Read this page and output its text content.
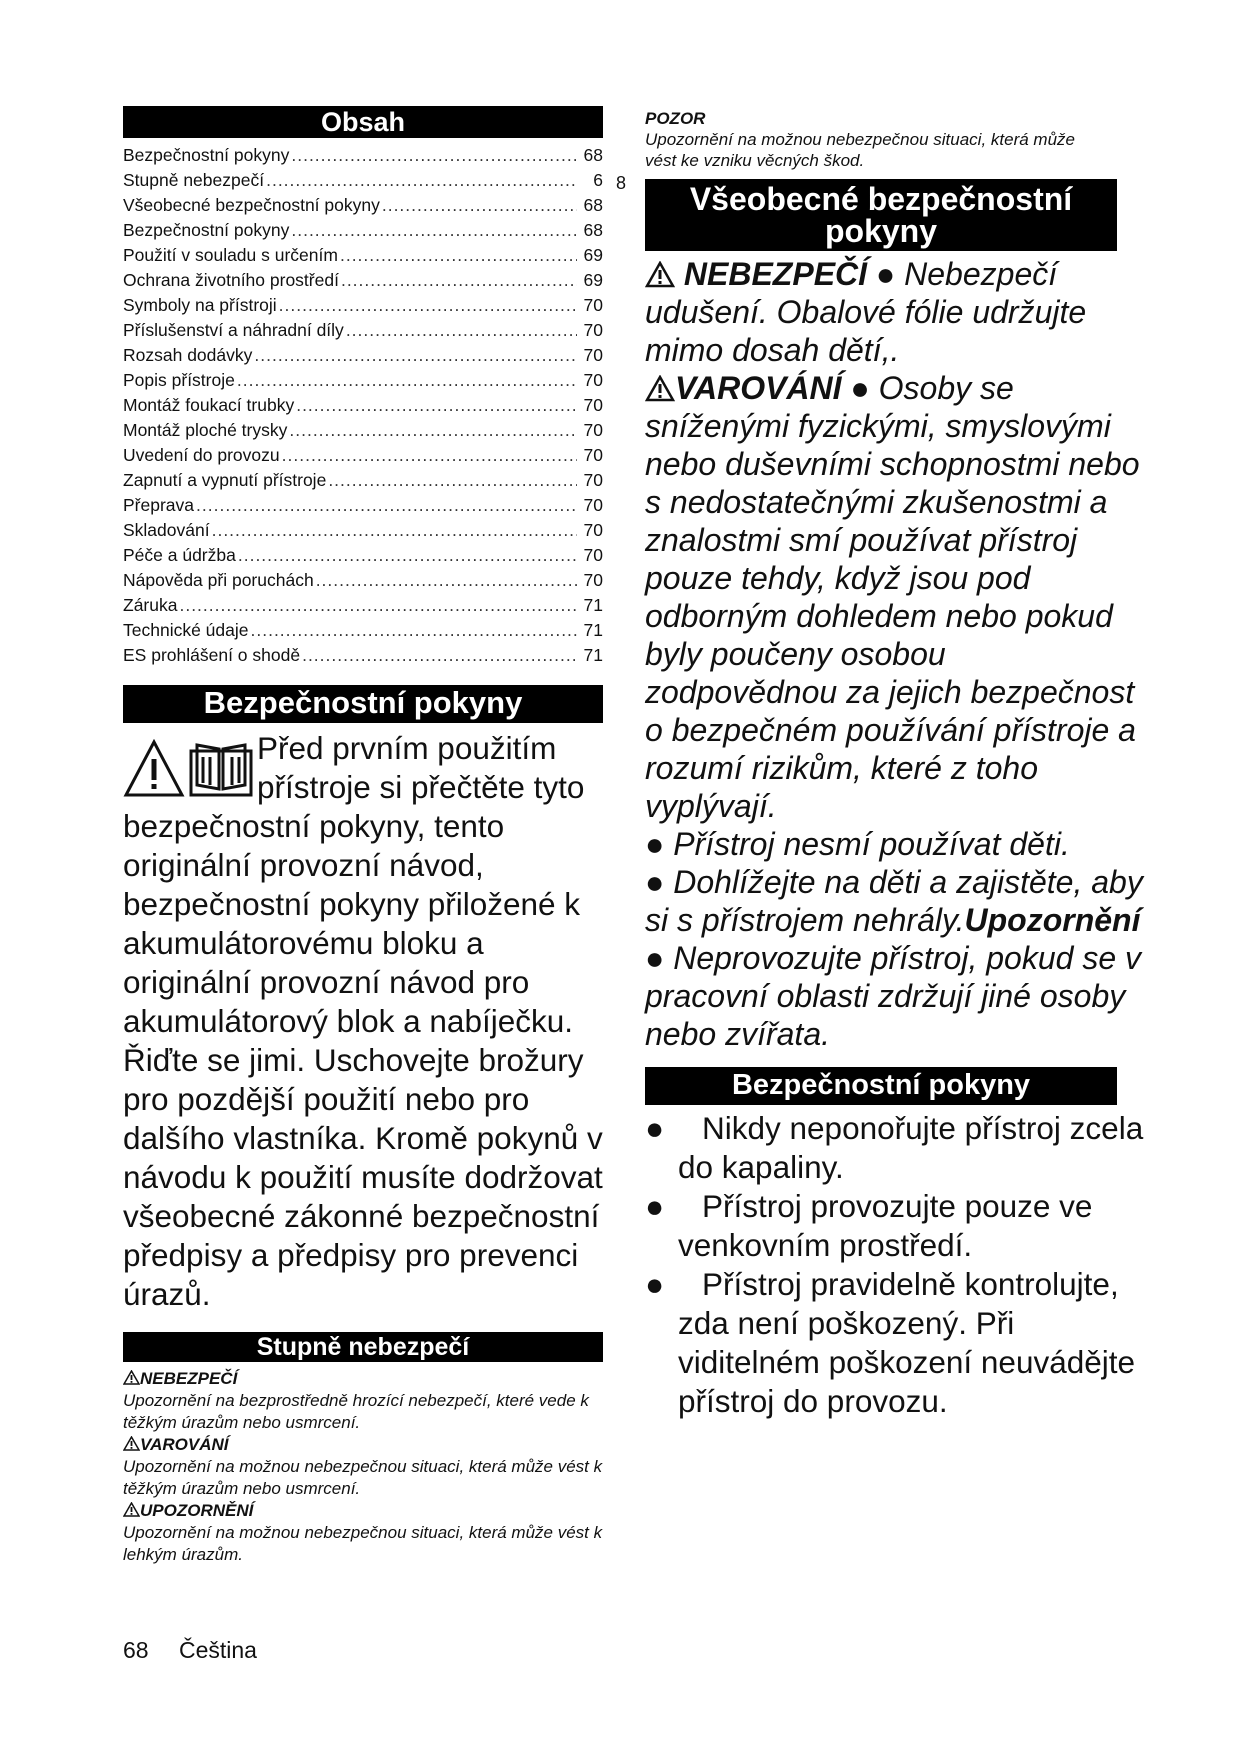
Obsah
Bezpečnostní pokyny .....	68
Stupně nebezpečí .....	6
Všeobecné bezpečnostní pokyny .....	68
Bezpečnostní pokyny .....	68
Použití v souladu s určením .....	69
Ochrana životního prostředí .....	69
Symboly na přístroji .....	70
Příslušenství a náhradní díly .....	70
Rozsah dodávky .....	70
Popis přístroje .....	70
Montáž foukací trubky .....	70
Montáž ploché trysky .....	70
Uvedení do provozu .....	70
Zapnutí a vypnutí přístroje .....	70
Přeprava .....	70
Skladování .....	70
Péče a údržba .....	70
Nápověda při poruchách .....	70
Záruka .....	71
Technické údaje .....	71
ES prohlášení o shodě .....	71
Bezpečnostní pokyny

Před prvním použitím přístroje si přečtěte tyto bezpečnostní pokyny, tento originální provozní návod, bezpečnostní pokyny přiložené k akumulátorovému bloku a originální provozní návod pro akumulátorový blok a nabíječku. Řiďte se jimi. Uschovejte brožury pro pozdější použití nebo pro dalšího vlastníka. Kromě pokynů v návodu k použití musíte dodržovat všeobecné zákonné bezpečnostní předpisy a předpisy pro prevenci úrazů.

Stupně nebezpečí
NEBEZPEČÍ
Upozornění na bezprostředně hrozící nebezpečí, které vede k těžkým úrazům nebo usmrcení.
VAROVÁNÍ
Upozornění na možnou nebezpečnou situaci, která může vést k těžkým úrazům nebo usmrcení.
UPOZORNĚNÍ
Upozornění na možnou nebezpečnou situaci, která může vést k lehkým úrazům.
8
POZOR
Upozornění na možnou nebezpečnou situaci, která může vést ke vzniku věcných škod.
Všeobecné bezpečnostní pokyny

NEBEZPEČÍ ● Nebezpečí udušení. Obalové fólie udržujte mimo dosah dětí,.

VAROVÁNÍ ● Osoby se sníženými fyzickými, smyslovými nebo duševními schopnostmi nebo s nedostatečnými zkušenostmi a znalostmi smí používat přístroj pouze tehdy, když jsou pod odborným dohledem nebo pokud byly poučeny osobou zodpovědnou za jejich bezpečnost o bezpečném používání přístroje a rozumí rizikům, které z toho vyplývají.

● Přístroj nesmí používat děti.

● Dohlížejte na děti a zajistěte, aby si s přístrojem nehrály.Upozornění

● Neprovozujte přístroj, pokud se v pracovní oblasti zdržují jiné osoby nebo zvířata.

Bezpečnostní pokyny
●	Nikdy neponořujte přístroj zcela do kapaliny.
●	Přístroj provozujte pouze ve venkovním prostředí.
●	Přístroj pravidelně kontrolujte, zda není poškozený. Při viditelném poškození neuvádějte přístroj do provozu.
68 Čeština
